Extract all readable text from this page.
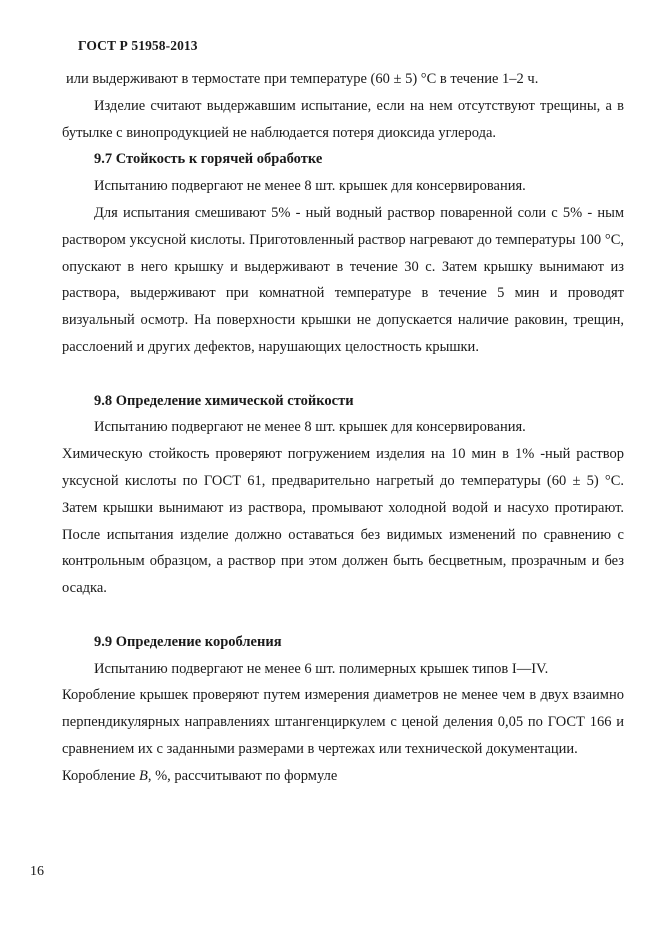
ГОСТ Р 51958-2013

или выдерживают в термостате при температуре (60 ± 5) °С в течение 1–2 ч.

Изделие считают выдержавшим испытание, если на нем отсутствуют трещины, а в бутылке с винопродукцией не наблюдается потеря диоксида углерода.

9.7 Стойкость к горячей обработке

Испытанию подвергают не менее 8 шт. крышек для консервирования.

Для испытания смешивают 5% - ный водный раствор поваренной соли с 5% - ным раствором уксусной кислоты. Приготовленный раствор нагревают до температуры 100 °С, опускают в него крышку и выдерживают в течение 30 с. Затем крышку вынимают из раствора, выдерживают при комнатной температуре в течение 5 мин и проводят визуальный осмотр. На поверхности крышки не допускается наличие раковин, трещин, расслоений и других дефектов, нарушающих целостность крышки.

9.8 Определение химической стойкости

Испытанию подвергают не менее 8 шт. крышек для консервирования.

Химическую стойкость проверяют погружением изделия на 10 мин в 1% -ный раствор уксусной кислоты по ГОСТ 61, предварительно нагретый до температуры (60 ± 5) °С. Затем крышки вынимают из раствора, промывают холодной водой и насухо протирают. После испытания изделие должно оставаться без видимых изменений по сравнению с контрольным образцом, а раствор при этом должен быть бесцветным, прозрачным и без осадка.

9.9 Определение коробления

Испытанию подвергают не менее 6 шт. полимерных крышек типов I—IV.

Коробление крышек проверяют путем измерения диаметров не менее чем в двух взаимно перпендикулярных направлениях штангенциркулем с ценой деления 0,05 по ГОСТ 166 и сравнением их с заданными размерами в чертежах или технической документации.

Коробление B, %, рассчитывают по формуле

16
